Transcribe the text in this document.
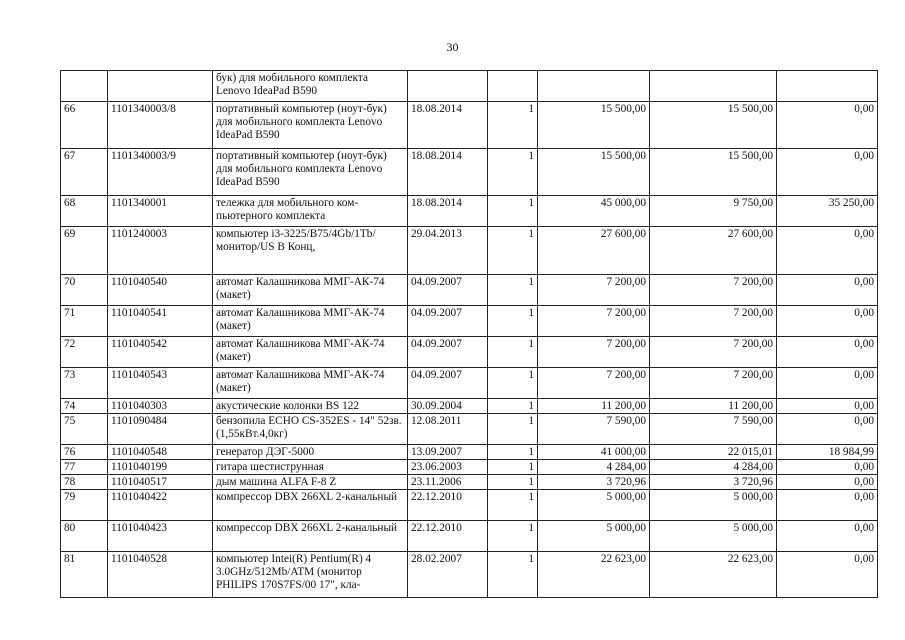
30
		бук) для мобильного комплекта Lenovo IdeaPad B590					
66	1101340003/8	портативный компьютер (ноут-бук) для мобильного комплекта Lenovo IdeaPad B590	18.08.2014	1	15 500,00	15 500,00	0,00
67	1101340003/9	портативный компьютер (ноут-бук) для мобильного комплекта Lenovo IdeaPad B590	18.08.2014	1	15 500,00	15 500,00	0,00
68	1101340001	тележка для мобильного ком-пьютерного комплекта	18.08.2014	1	45 000,00	9 750,00	35 250,00
69	1101240003	компьютер i3-3225/B75/4Gb/1Tb/монитор/US В Конц,	29.04.2013	1	27 600,00	27 600,00	0,00
70	1101040540	автомат Калашникова ММГ-АК-74 (макет)	04.09.2007	1	7 200,00	7 200,00	0,00
71	1101040541	автомат Калашникова ММГ-АК-74 (макет)	04.09.2007	1	7 200,00	7 200,00	0,00
72	1101040542	автомат Калашникова ММГ-АК-74 (макет)	04.09.2007	1	7 200,00	7 200,00	0,00
73	1101040543	автомат Калашникова ММГ-АК-74 (макет)	04.09.2007	1	7 200,00	7 200,00	0,00
74	1101040303	акустические колонки BS 122	30.09.2004	1	11 200,00	11 200,00	0,00
75	1101090484	бензопила ECHO CS-352ES - 14" 52зв.(1,55кВт.4,0кг)	12.08.2011	1	7 590,00	7 590,00	0,00
76	1101040548	генератор ДЭГ-5000	13.09.2007	1	41 000,00	22 015,01	18 984,99
77	1101040199	гитара шестиструнная	23.06.2003	1	4 284,00	4 284,00	0,00
78	1101040517	дым машина ALFA F-8 Z	23.11.2006	1	3 720,96	3 720,96	0,00
79	1101040422	компрессор DBX 266XL 2-канальный	22.12.2010	1	5 000,00	5 000,00	0,00
80	1101040423	компрессор DBX 266XL 2-канальный	22.12.2010	1	5 000,00	5 000,00	0,00
81	1101040528	компьютер Intei(R) Pentium(R) 4 3.0GHz/512Mb/ATM (монитор PHILIPS 170S7FS/00 17", кла-	28.02.2007	1	22 623,00	22 623,00	0,00
